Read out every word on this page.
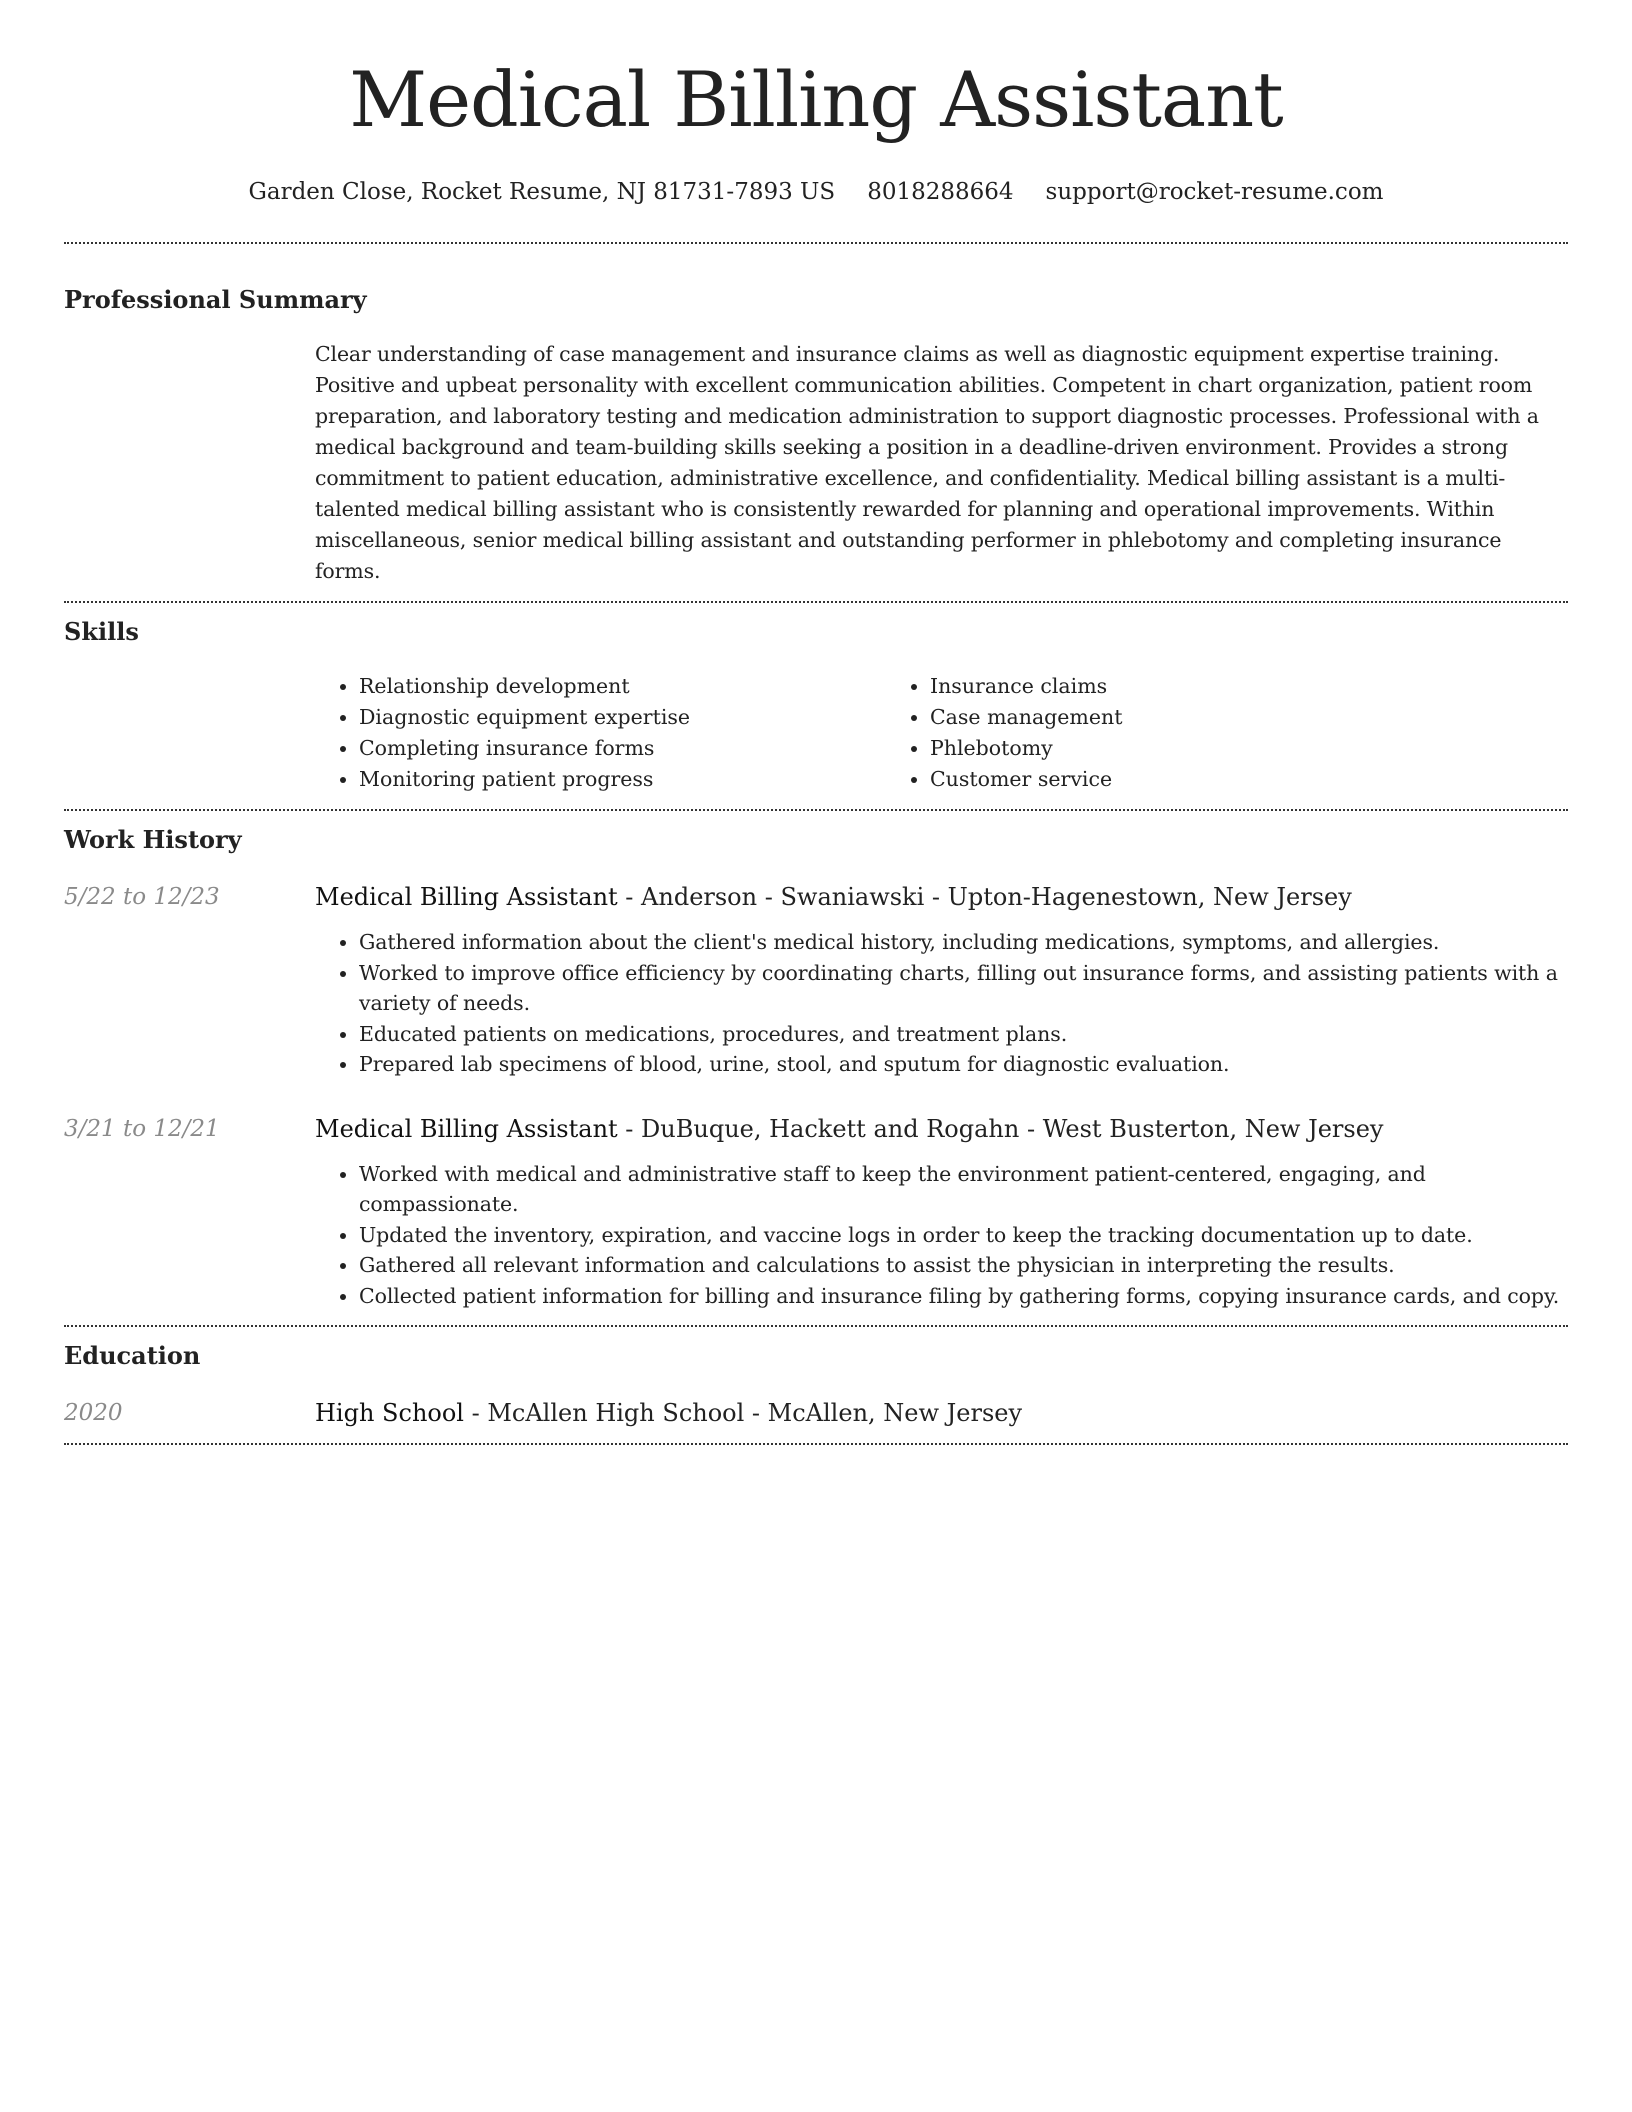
Medical Billing Assistant
Garden Close, Rocket Resume, NJ 81731-7893 US 8018288664 support@rocket-resume.com
Professional Summary

Clear understanding of case management and insurance claims as well as diagnostic equipment expertise training. Positive and upbeat personality with excellent communication abilities. Competent in chart organization, patient room preparation, and laboratory testing and medication administration to support diagnostic processes. Professional with a medical background and team-building skills seeking a position in a deadline-driven environment. Provides a strong commitment to patient education, administrative excellence, and confidentiality. Medical billing assistant is a multi-talented medical billing assistant who is consistently rewarded for planning and operational improvements. Within miscellaneous, senior medical billing assistant and outstanding performer in phlebotomy and completing insurance forms.

Skills
• Relationship development
• Diagnostic equipment expertise
• Completing insurance forms
• Monitoring patient progress
• Insurance claims
• Case management
• Phlebotomy
• Customer service
Work History
5/22 to 12/23	Medical Billing Assistant - Anderson - Swaniawski - Upton-Hagenestown, New Jersey
• Gathered information about the client's medical history, including medications, symptoms, and allergies.
• Worked to improve office efficiency by coordinating charts, filling out insurance forms, and assisting patients with a variety of needs.
• Educated patients on medications, procedures, and treatment plans.
• Prepared lab specimens of blood, urine, stool, and sputum for diagnostic evaluation.
3/21 to 12/21	Medical Billing Assistant - DuBuque, Hackett and Rogahn - West Busterton, New Jersey
• Worked with medical and administrative staff to keep the environment patient-centered, engaging, and compassionate.
• Updated the inventory, expiration, and vaccine logs in order to keep the tracking documentation up to date.
• Gathered all relevant information and calculations to assist the physician in interpreting the results.
• Collected patient information for billing and insurance filing by gathering forms, copying insurance cards, and copy.
Education
2020	High School - McAllen High School - McAllen, New Jersey
